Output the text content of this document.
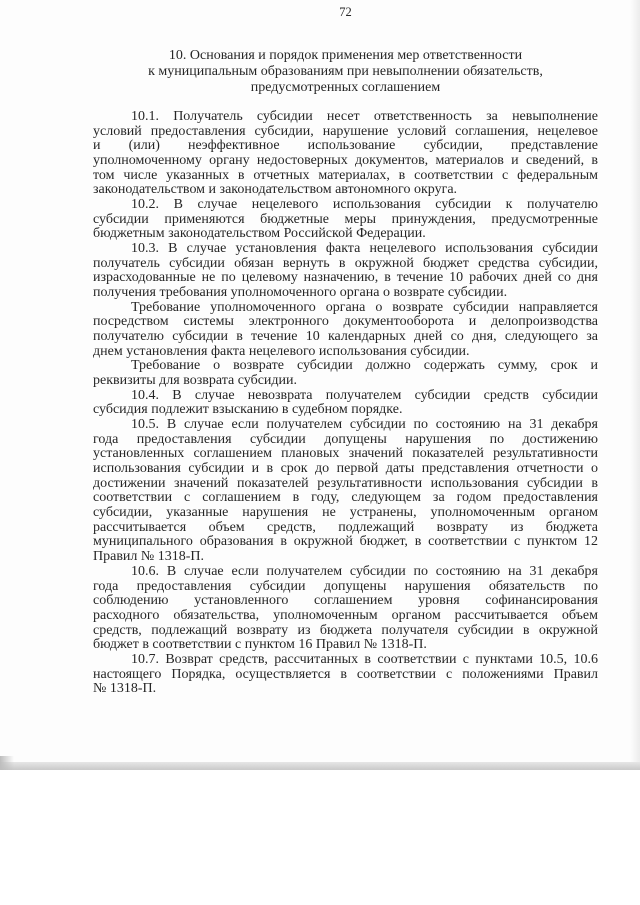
72
10. Основания и порядок применения мер ответственности
к муниципальным образованиям при невыполнении обязательств,
предусмотренных соглашением
10.1. Получатель субсидии несет ответственность за невыполнение
условий предоставления субсидии, нарушение условий соглашения, нецелевое
и (или) неэффективное использование субсидии, представление
уполномоченному органу недостоверных документов, материалов и сведений, в
том числе указанных в отчетных материалах, в соответствии с федеральным
законодательством и законодательством автономного округа.
10.2. В случае нецелевого использования субсидии к получателю
субсидии применяются бюджетные меры принуждения, предусмотренные
бюджетным законодательством Российской Федерации.
10.3. В случае установления факта нецелевого использования субсидии
получатель субсидии обязан вернуть в окружной бюджет средства субсидии,
израсходованные не по целевому назначению, в течение 10 рабочих дней со дня
получения требования уполномоченного органа о возврате субсидии.
Требование уполномоченного органа о возврате субсидии направляется
посредством системы электронного документооборота и делопроизводства
получателю субсидии в течение 10 календарных дней со дня, следующего за
днем установления факта нецелевого использования субсидии.
Требование о возврате субсидии должно содержать сумму, срок и
реквизиты для возврата субсидии.
10.4. В случае невозврата получателем субсидии средств субсидии
субсидия подлежит взысканию в судебном порядке.
10.5. В случае если получателем субсидии по состоянию на 31 декабря
года предоставления субсидии допущены нарушения по достижению
установленных соглашением плановых значений показателей результативности
использования субсидии и в срок до первой даты представления отчетности о
достижении значений показателей результативности использования субсидии в
соответствии с соглашением в году, следующем за годом предоставления
субсидии, указанные нарушения не устранены, уполномоченным органом
рассчитывается объем средств, подлежащий возврату из бюджета
муниципального образования в окружной бюджет, в соответствии с пунктом 12
Правил № 1318-П.
10.6. В случае если получателем субсидии по состоянию на 31 декабря
года предоставления субсидии допущены нарушения обязательств по
соблюдению установленного соглашением уровня софинансирования
расходного обязательства, уполномоченным органом рассчитывается объем
средств, подлежащий возврату из бюджета получателя субсидии в окружной
бюджет в соответствии с пунктом 16 Правил № 1318-П.
10.7. Возврат средств, рассчитанных в соответствии с пунктами 10.5, 10.6
настоящего Порядка, осуществляется в соответствии с положениями Правил
№ 1318-П.
